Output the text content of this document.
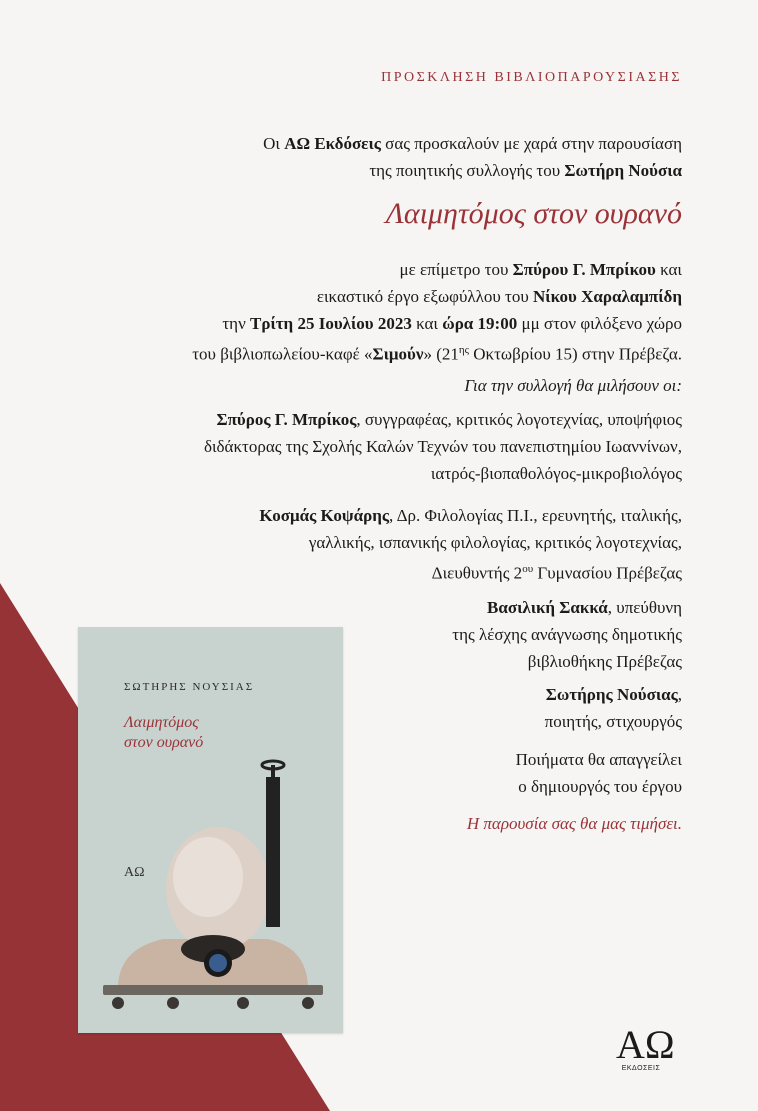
ΠΡΟΣΚΛΗΣΗ ΒΙΒΛΙΟΠΑΡΟΥΣΙΑΣΗΣ

Οι ΑΩ Εκδόσεις σας προσκαλούν με χαρά στην παρουσίαση

της ποιητικής συλλογής του Σωτήρη Νούσια

Λαιμητόμος στον ουρανό

με επίμετρο του Σπύρου Γ. Μπρίκου και

εικαστικό έργο εξωφύλλου του Νίκου Χαραλαμπίδη

την Τρίτη 25 Ιουλίου 2023 και ώρα 19:00 μμ στον φιλόξενο χώρο

του βιβλιοπωλείου-καφέ «Σιμούν» ($21^{\eta\varsigma}$ Οκτωβρίου 15) στην Πρέβεζα.

Για την συλλογή θα μιλήσουν οι:

Σπύρος Γ. Μπρίκος, συγγραφέας, κριτικός λογοτεχνίας, υποψήφιος

διδάκτορας της Σχολής Καλών Τεχνών του πανεπιστημίου Ιωαννίνων,

ιατρός-βιοπαθολόγος-μικροβιολόγος

Κοσμάς Κοψάρης, Δρ. Φιλολογίας Π.Ι., ερευνητής, ιταλικής,

γαλλικής, ισπανικής φιλολογίας, κριτικός λογοτεχνίας,

Διευθυντής $2^{o\upsilon}$ Γυμνασίου Πρέβεζας

Βασιλική Σακκά, υπεύθυνη

της λέσχης ανάγνωσης δημοτικής

βιβλιοθήκης Πρέβεζας

Σωτήρης Νούσιας,

ποιητής, στιχουργός

Ποιήματα θα απαγγείλει

ο δημιουργός του έργου

Η παρουσία σας θα μας τιμήσει.

ΣΩΤΗΡΗΣ ΝΟΥΣΙΑΣ
Λαιμητόμος
στον ουρανό
ΑΩ
ΑΩ
ΕΚΔΟΣΕΙΣ
